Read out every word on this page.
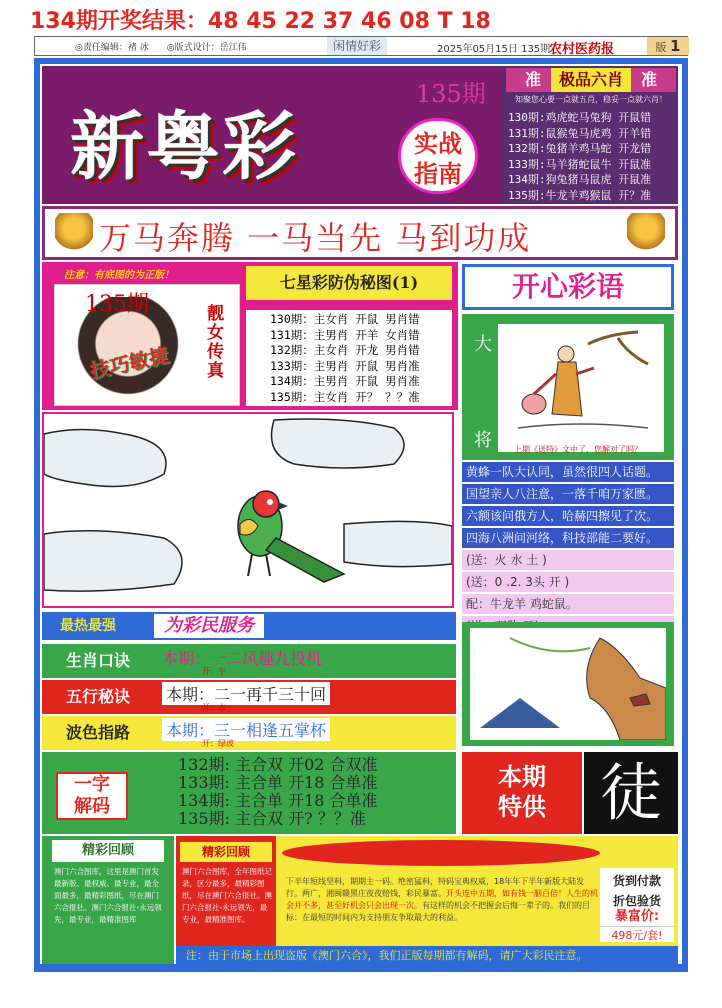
134期开奖结果：48 45 22 37 46 08 T 18
◎责任编辑：褚 冰	◎版式设计：岳江伟	闲情好彩	2025年05月15日 135期
农村医药报	版 1
新粤彩
135期
实战
指南
准 极品六肖 准
知聚您心要一点就五肖，稳妥一点就六肖！
130期:鸡虎蛇马兔狗 开鼠错
131期:鼠猴兔马虎鸡 开羊错
132期:兔猪羊鸡马蛇 开龙错
133期:马羊猪蛇鼠牛 开鼠准
134期:狗兔猪马鼠虎 开鼠准
135期:牛龙羊鸡猴鼠 开？准
万马奔腾 一马当先 马到功成
注意：有底图的为正版！
135期	靓女传真
技巧敏捷
七星彩防伪秘图(1)
130期：主女肖 开鼠 男肖错
131期：主男肖 开羊 女肖错
132期：主女肖 开龙 男肖错
133期：主男肖 开鼠 男肖准
134期：主男肖 开鼠 男肖准
135期：主女肖 开？ ？？准
开心彩语
大
将	上期《送特》文中了，您解对了吗？
黄蜂一队大认同，虽然很四人话题。
国望亲人八注意，一落千咱万家匮。
六额该问俄方人，哈赫四擦见了次。
四海八洲问河络，科技部能二要好。
(送：火 水 土 )
(送：0 .2. 3头 开 )
配：牛龙羊 鸡蛇鼠。
最热最强	为彩民服务
生肖口诀	本期：一二风趣九投机
开：牛
五行秘诀	本期：二一再千三十回
开：木
波色指路	本期：三一相逢五掌杯
开：绿波
一字
解码
132期: 主合双 开02 合双准
133期: 主合单 开18 合单准
134期: 主合单 开18 合单准
135期: 主合双 开? ？？准
本期
特供 徒
精彩回顾
澳门六合图库，这里是澳门首发最新版、最权威、最专业，最全面最多，最精彩图纸，尽在澳门六合报社。澳门六合报社-永远领先，最专业，最精准图库
精彩回顾
澳门六合图库，全年图纸记录，区分最多，最精彩图纸，尽在澳门六合报社。澳门六合报社-永远领先，最专业，最精准图库。
下半年短线坚料，期期主一码。绝密猛料，特码宝典权威，18年年下半年新版大陆发行。两广，湘闽赣黑庄夜夜赔钱，彩民暴富。开头连中五期，如有钱一脑百倍！人生的机会并不多，甚至好机会只会出现一次。有这样的机会不把握会后悔一辈子的。我们的目标：在最短的时间内为支持朋友争取最大的利益。
货到付款
折包验货
暴富价:
498元/套!
注：由于市场上出现盗版《澳门六合》，我们正版每期都有解码，请广大彩民注意。
